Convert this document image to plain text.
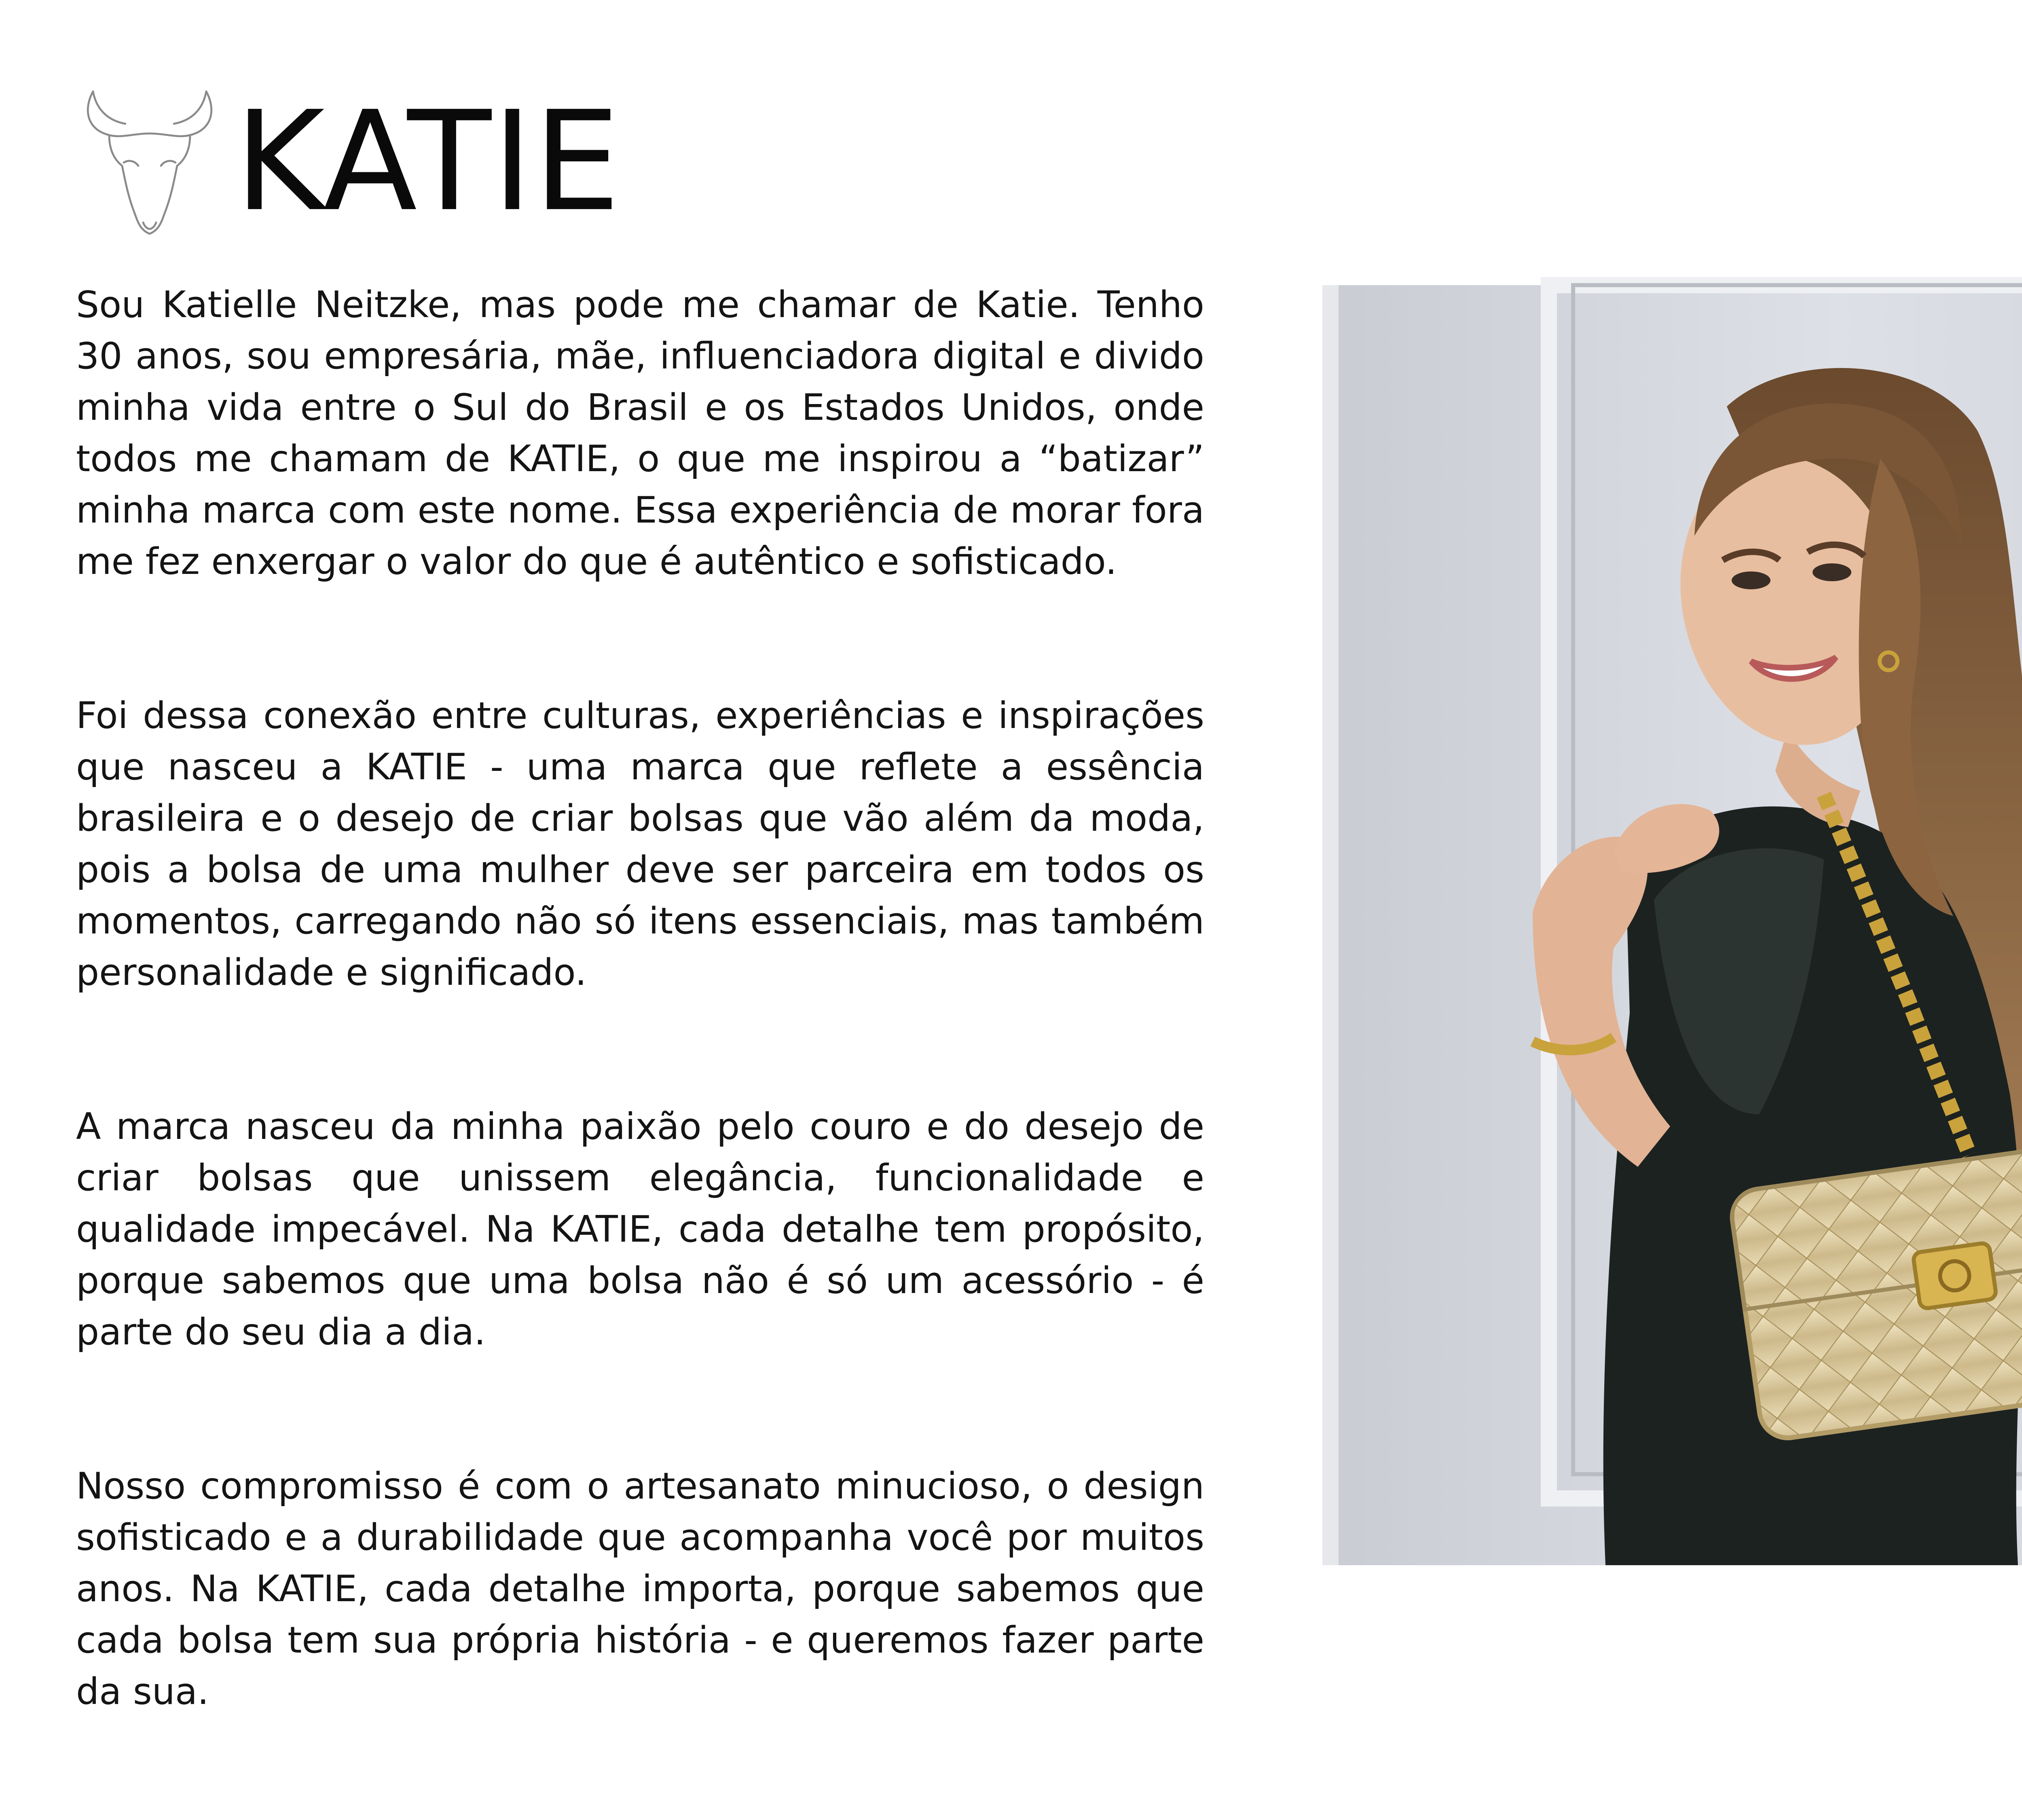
KATIE

Sou Katielle Neitzke, mas pode me chamar de Katie. Tenho 30 anos, sou empresária, mãe, influenciadora digital e divido minha vida entre o Sul do Brasil e os Estados Unidos, onde todos me chamam de KATIE, o que me inspirou a “batizar” minha marca com este nome. Essa experiência de morar fora me fez enxergar o valor do que é autêntico e sofisticado.

Foi dessa conexão entre culturas, experiências e inspirações que nasceu a KATIE - uma marca que reflete a essência brasileira e o desejo de criar bolsas que vão além da moda, pois a bolsa de uma mulher deve ser parceira em todos os momentos, carregando não só itens essenciais, mas também personalidade e significado.

A marca nasceu da minha paixão pelo couro e do desejo de criar bolsas que unissem elegância, funcionalidade e qualidade impecável. Na KATIE, cada detalhe tem propósito, porque sabemos que uma bolsa não é só um acessório - é parte do seu dia a dia.

Nosso compromisso é com o artesanato minucioso, o design sofisticado e a durabilidade que acompanha você por muitos anos. Na KATIE, cada detalhe importa, porque sabemos que cada bolsa tem sua própria história - e queremos fazer parte da sua.
